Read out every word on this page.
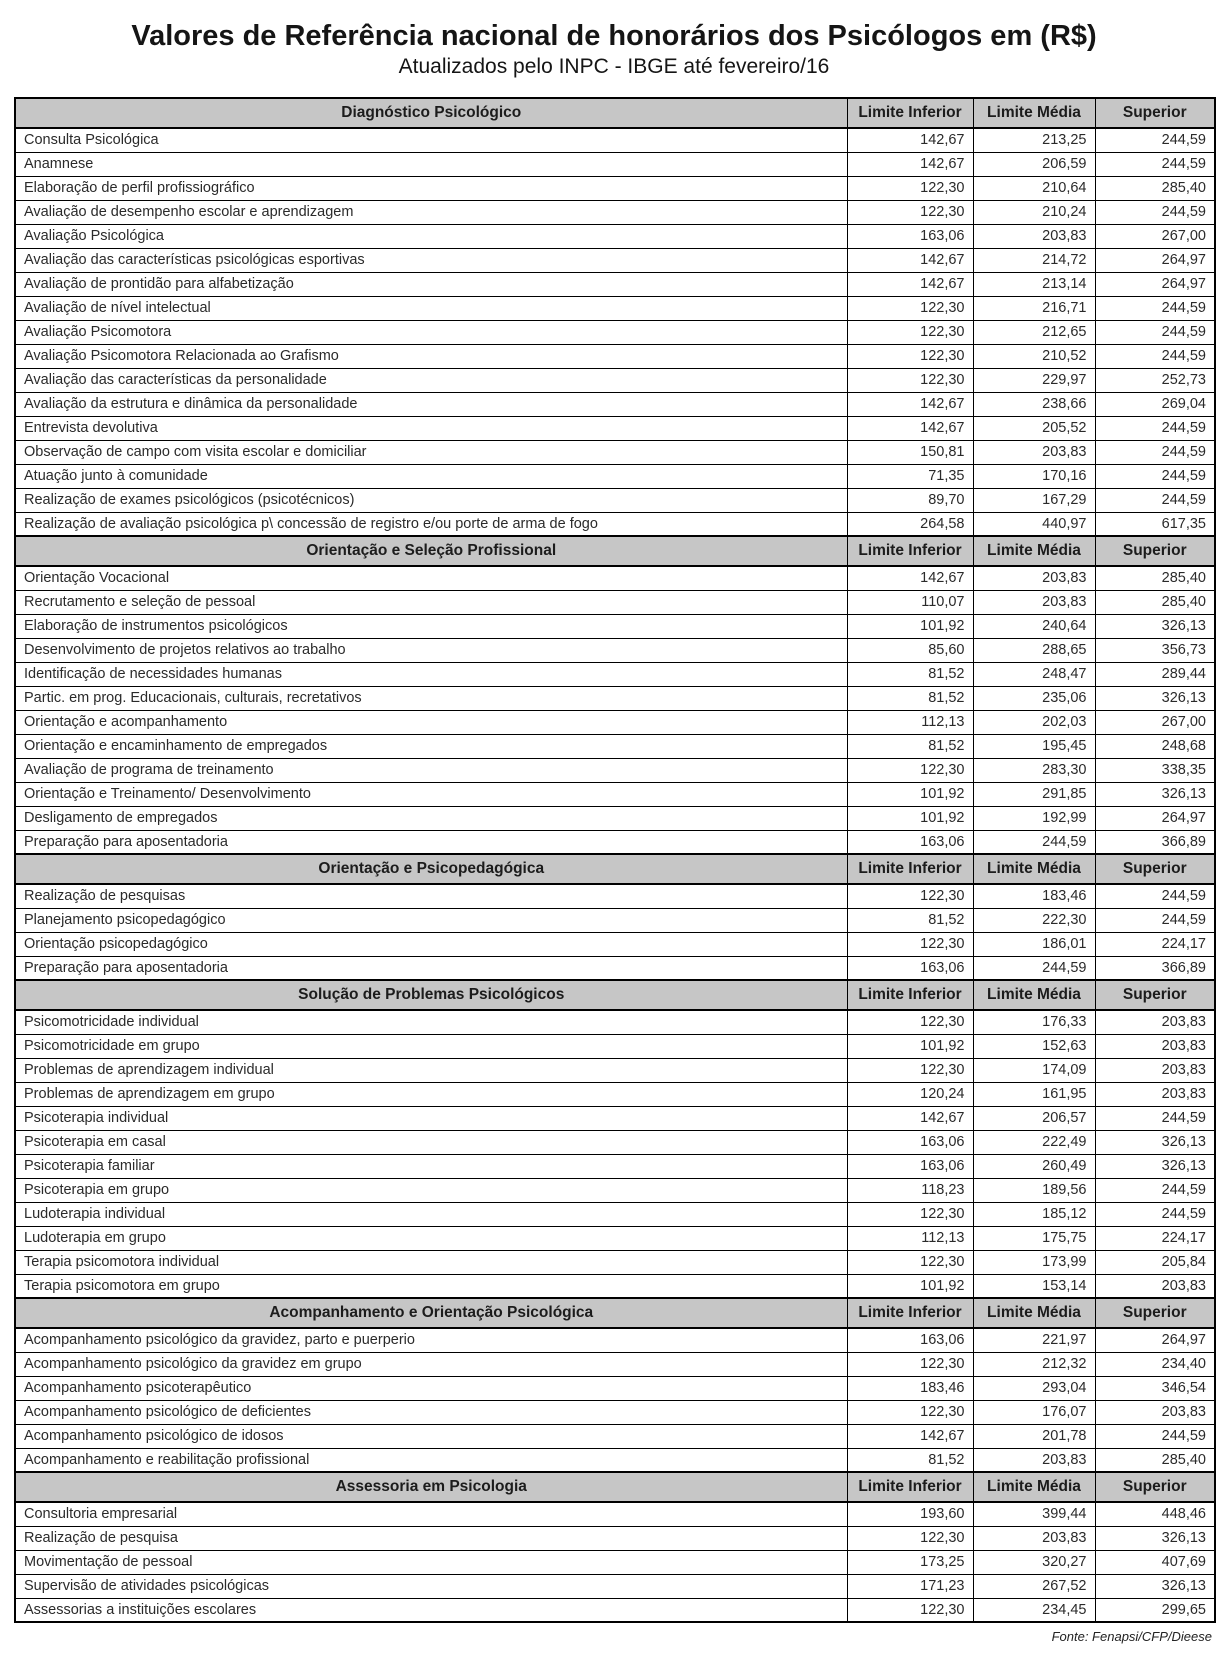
Valores de Referência nacional de honorários dos Psicólogos em (R$)
Atualizados pelo INPC - IBGE até fevereiro/16
Diagnóstico Psicológico	Limite Inferior	Limite Média	Superior
Consulta Psicológica	142,67	213,25	244,59
Anamnese	142,67	206,59	244,59
Elaboração de perfil profissiográfico	122,30	210,64	285,40
Avaliação de desempenho escolar e aprendizagem	122,30	210,24	244,59
Avaliação Psicológica	163,06	203,83	267,00
Avaliação das características psicológicas esportivas	142,67	214,72	264,97
Avaliação de prontidão para alfabetização	142,67	213,14	264,97
Avaliação de nível intelectual	122,30	216,71	244,59
Avaliação Psicomotora	122,30	212,65	244,59
Avaliação Psicomotora Relacionada ao Grafismo	122,30	210,52	244,59
Avaliação das características da personalidade	122,30	229,97	252,73
Avaliação da estrutura e dinâmica da personalidade	142,67	238,66	269,04
Entrevista devolutiva	142,67	205,52	244,59
Observação de campo com visita escolar e domiciliar	150,81	203,83	244,59
Atuação junto à comunidade	71,35	170,16	244,59
Realização de exames psicológicos (psicotécnicos)	89,70	167,29	244,59
Realização de avaliação psicológica p\ concessão de registro e/ou porte de arma de fogo	264,58	440,97	617,35
Orientação e Seleção Profissional	Limite Inferior	Limite Média	Superior
Orientação Vocacional	142,67	203,83	285,40
Recrutamento e seleção de pessoal	110,07	203,83	285,40
Elaboração de instrumentos psicológicos	101,92	240,64	326,13
Desenvolvimento de projetos relativos ao trabalho	85,60	288,65	356,73
Identificação de necessidades humanas	81,52	248,47	289,44
Partic. em prog. Educacionais, culturais, recretativos	81,52	235,06	326,13
Orientação e acompanhamento	112,13	202,03	267,00
Orientação e encaminhamento de empregados	81,52	195,45	248,68
Avaliação de programa de treinamento	122,30	283,30	338,35
Orientação e Treinamento/ Desenvolvimento	101,92	291,85	326,13
Desligamento de empregados	101,92	192,99	264,97
Preparação para aposentadoria	163,06	244,59	366,89
Orientação e Psicopedagógica	Limite Inferior	Limite Média	Superior
Realização de pesquisas	122,30	183,46	244,59
Planejamento psicopedagógico	81,52	222,30	244,59
Orientação psicopedagógico	122,30	186,01	224,17
Preparação para aposentadoria	163,06	244,59	366,89
Solução de Problemas Psicológicos	Limite Inferior	Limite Média	Superior
Psicomotricidade individual	122,30	176,33	203,83
Psicomotricidade em grupo	101,92	152,63	203,83
Problemas de aprendizagem individual	122,30	174,09	203,83
Problemas de aprendizagem em grupo	120,24	161,95	203,83
Psicoterapia individual	142,67	206,57	244,59
Psicoterapia em casal	163,06	222,49	326,13
Psicoterapia familiar	163,06	260,49	326,13
Psicoterapia em grupo	118,23	189,56	244,59
Ludoterapia individual	122,30	185,12	244,59
Ludoterapia em grupo	112,13	175,75	224,17
Terapia psicomotora individual	122,30	173,99	205,84
Terapia psicomotora em grupo	101,92	153,14	203,83
Acompanhamento e Orientação Psicológica	Limite Inferior	Limite Média	Superior
Acompanhamento psicológico da gravidez, parto e puerperio	163,06	221,97	264,97
Acompanhamento psicológico da gravidez em grupo	122,30	212,32	234,40
Acompanhamento psicoterapêutico	183,46	293,04	346,54
Acompanhamento psicológico de deficientes	122,30	176,07	203,83
Acompanhamento psicológico de idosos	142,67	201,78	244,59
Acompanhamento e reabilitação profissional	81,52	203,83	285,40
Assessoria em Psicologia	Limite Inferior	Limite Média	Superior
Consultoria empresarial	193,60	399,44	448,46
Realização de pesquisa	122,30	203,83	326,13
Movimentação de pessoal	173,25	320,27	407,69
Supervisão de atividades psicológicas	171,23	267,52	326,13
Assessorias a instituições escolares	122,30	234,45	299,65
Fonte: Fenapsi/CFP/Dieese
